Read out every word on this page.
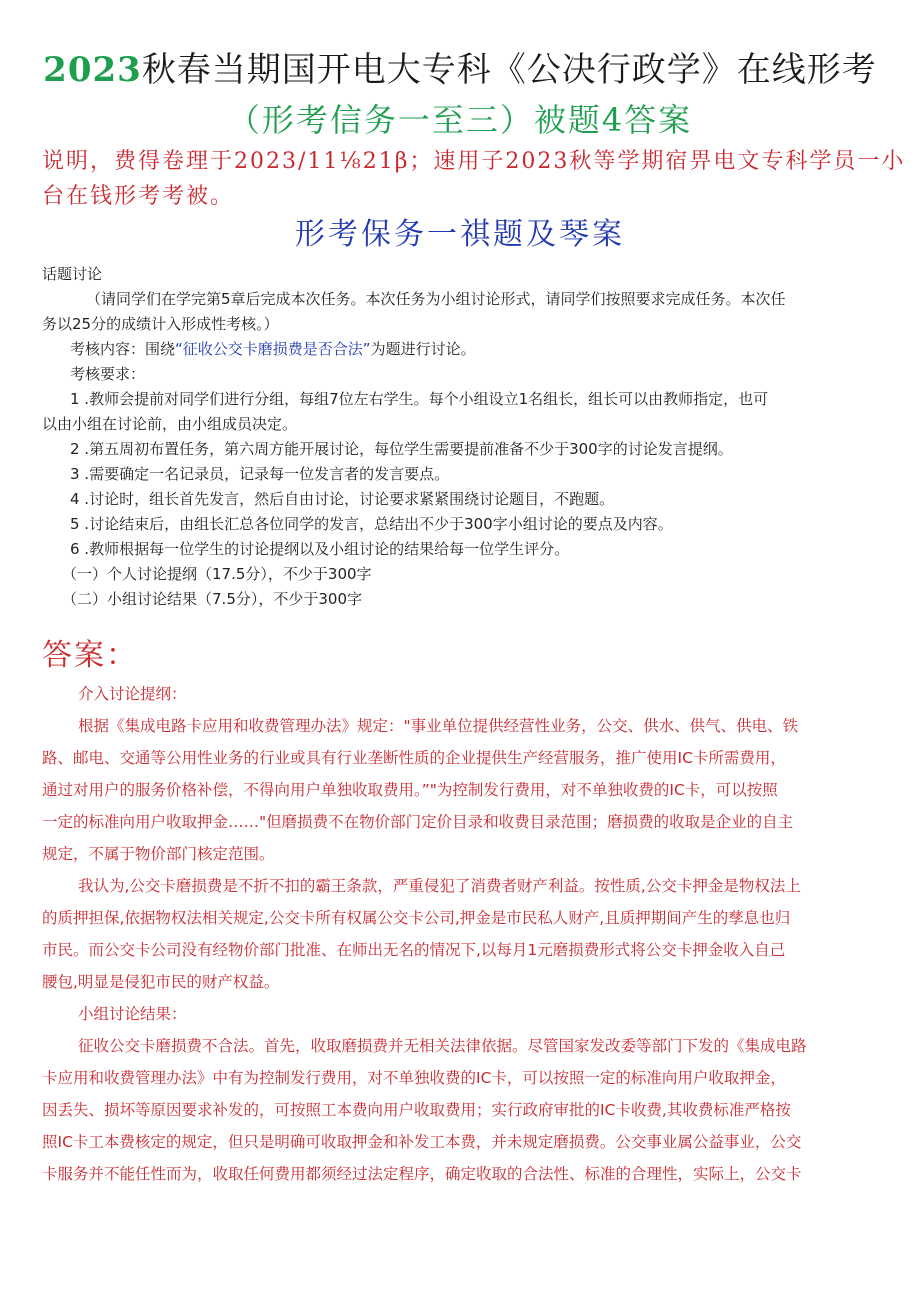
2023秋春当期国开电大专科《公决行政学》在线形考
（形考信务一至三）被题4答案
说明，费得卷理于2023/11⅛21β；速用子2023秋等学期宿畀电文专科学员一小
台在钱形考考被。
形考保务一祺题及琴案
话题讨论
（请同学们在学完第5章后完成本次任务。本次任务为小组讨论形式，请同学们按照要求完成任务。本次任
务以25分的成绩计入形成性考核。）
考核内容：围绕“征收公交卡磨损费是否合法”为题进行讨论。
考核要求：
1 .教师会提前对同学们进行分组，每组7位左右学生。每个小组设立1名组长，组长可以由教师指定，也可
以由小组在讨论前，由小组成员决定。
2 .第五周初布置任务，第六周方能开展讨论，每位学生需要提前准备不少于300字的讨论发言提纲。
3 .需要确定一名记录员，记录每一位发言者的发言要点。
4 .讨论时，组长首先发言，然后自由讨论，讨论要求紧紧围绕讨论题目，不跑题。
5 .讨论结束后，由组长汇总各位同学的发言，总结出不少于300字小组讨论的要点及内容。
6 .教师根据每一位学生的讨论提纲以及小组讨论的结果给每一位学生评分。
（一）个人讨论提纲（17.5分），不少于300字
（二）小组讨论结果（7.5分），不少于300字
答案：
介入讨论提纲：
根据《集成电路卡应用和收费管理办法》规定："事业单位提供经营性业务，公交、供水、供气、供电、铁
路、邮电、交通等公用性业务的行业或具有行业垄断性质的企业提供生产经营服务，推广使用IC卡所需费用，
通过对用户的服务价格补偿，不得向用户单独收取费用。”"为控制发行费用，对不单独收费的IC卡，可以按照
一定的标准向用户收取押金……"但磨损费不在物价部门定价目录和收费目录范围；磨损费的收取是企业的自主
规定，不属于物价部门核定范围。
我认为,公交卡磨损费是不折不扣的霸王条款，严重侵犯了消费者财产利益。按性质,公交卡押金是物权法上
的质押担保,依据物权法相关规定,公交卡所有权属公交卡公司,押金是市民私人财产,且质押期间产生的孳息也归
市民。而公交卡公司没有经物价部门批准、在师出无名的情况下,以每月1元磨损费形式将公交卡押金收入自己
腰包,明显是侵犯市民的财产权益。
小组讨论结果：
征收公交卡磨损费不合法。首先，收取磨损费并无相关法律依据。尽管国家发改委等部门下发的《集成电路
卡应用和收费管理办法》中有为控制发行费用，对不单独收费的IC卡，可以按照一定的标准向用户收取押金，
因丢失、损坏等原因要求补发的，可按照工本费向用户收取费用；实行政府审批的IC卡收费,其收费标准严格按
照IC卡工本费核定的规定，但只是明确可收取押金和补发工本费，并未规定磨损费。公交事业属公益事业，公交
卡服务并不能任性而为，收取任何费用都须经过法定程序，确定收取的合法性、标准的合理性，实际上，公交卡
